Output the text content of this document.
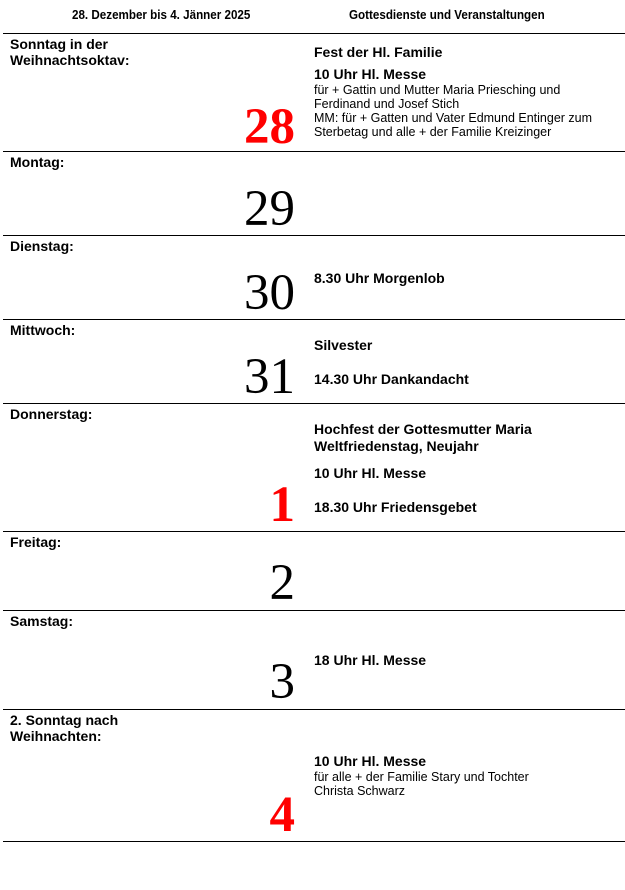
28. Dezember bis 4. Jänner 2025	Gottesdienste und Veranstaltungen
Sonntag in der
Weihnachtsoktav:
28
Fest der Hl. Familie
10 Uhr Hl. Messe
für + Gattin und Mutter Maria Priesching und Ferdinand und Josef Stich
MM: für + Gatten und Vater Edmund Entinger zum Sterbetag und alle + der Familie Kreizinger
Montag:
29
Dienstag:
30 8.30 Uhr Morgenlob
Mittwoch:
31
Silvester
14.30 Uhr Dankandacht
Donnerstag:
1
Hochfest der Gottesmutter Maria
Weltfriedenstag, Neujahr
10 Uhr Hl. Messe
18.30 Uhr Friedensgebet
Freitag:
2
Samstag:
3 18 Uhr Hl. Messe
2. Sonntag nach
Weihnachten:
4
10 Uhr Hl. Messe
für alle + der Familie Stary und Tochter
Christa Schwarz
